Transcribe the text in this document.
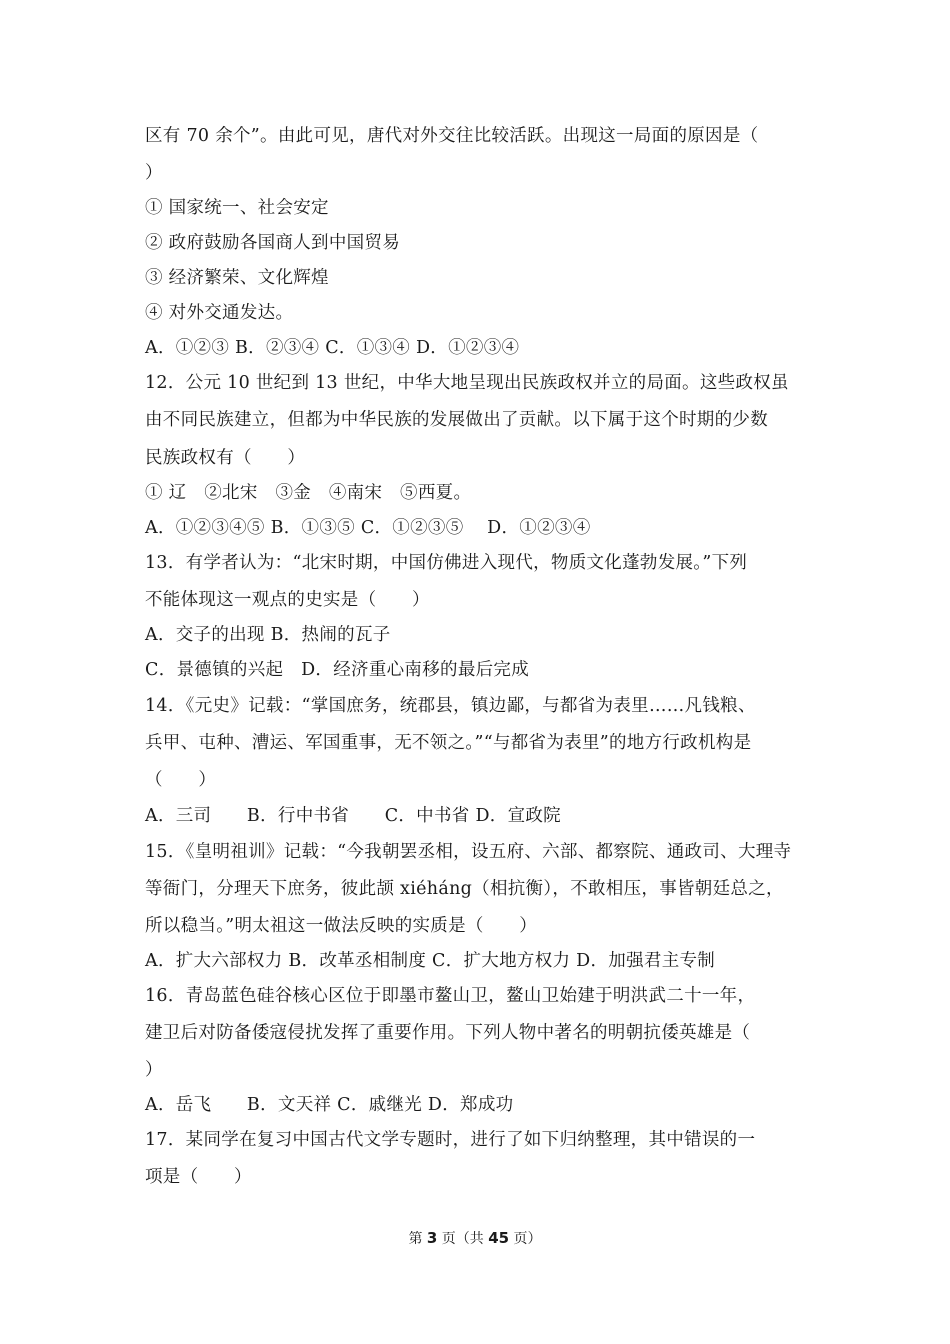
区有 70 余个”。由此可见，唐代对外交往比较活跃。出现这一局面的原因是（
）
① 国家统一、社会安定
② 政府鼓励各国商人到中国贸易
③ 经济繁荣、文化辉煌
④ 对外交通发达。
A．①②③ B．②③④ C．①③④ D．①②③④
12．公元 10 世纪到 13 世纪，中华大地呈现出民族政权并立的局面。这些政权虽
由不同民族建立，但都为中华民族的发展做出了贡献。以下属于这个时期的少数
民族政权有（　　）
① 辽　②北宋　③金　④南宋　⑤西夏。
A．①②③④⑤ B．①③⑤ C．①②③⑤　 D．①②③④
13．有学者认为：“北宋时期，中国仿佛进入现代，物质文化蓬勃发展。”下列
不能体现这一观点的史实是（　　）
A．交子的出现 B．热闹的瓦子
C．景德镇的兴起　D．经济重心南移的最后完成
14．《元史》记载：“掌国庶务，统郡县，镇边鄙，与都省为表里……凡钱粮、
兵甲、屯种、漕运、军国重事，无不领之。”“与都省为表里”的地方行政机构是
（　　）
A．三司　　B．行中书省　　C．中书省 D．宣政院
15．《皇明祖训》记载：“今我朝罢丞相，设五府、六部、都察院、通政司、大理寺
等衙门，分理天下庶务，彼此颉 xiéháng（相抗衡），不敢相压，事皆朝廷总之，
所以稳当。”明太祖这一做法反映的实质是（　　）
A．扩大六部权力 B．改革丞相制度 C．扩大地方权力 D．加强君主专制
16．青岛蓝色硅谷核心区位于即墨市鳌山卫，鳌山卫始建于明洪武二十一年，
建卫后对防备倭寇侵扰发挥了重要作用。下列人物中著名的明朝抗倭英雄是（
）
A．岳飞　　B．文天祥 C．戚继光 D．郑成功
17．某同学在复习中国古代文学专题时，进行了如下归纳整理，其中错误的一
项是（　　）
第 3 页（共 45 页）
